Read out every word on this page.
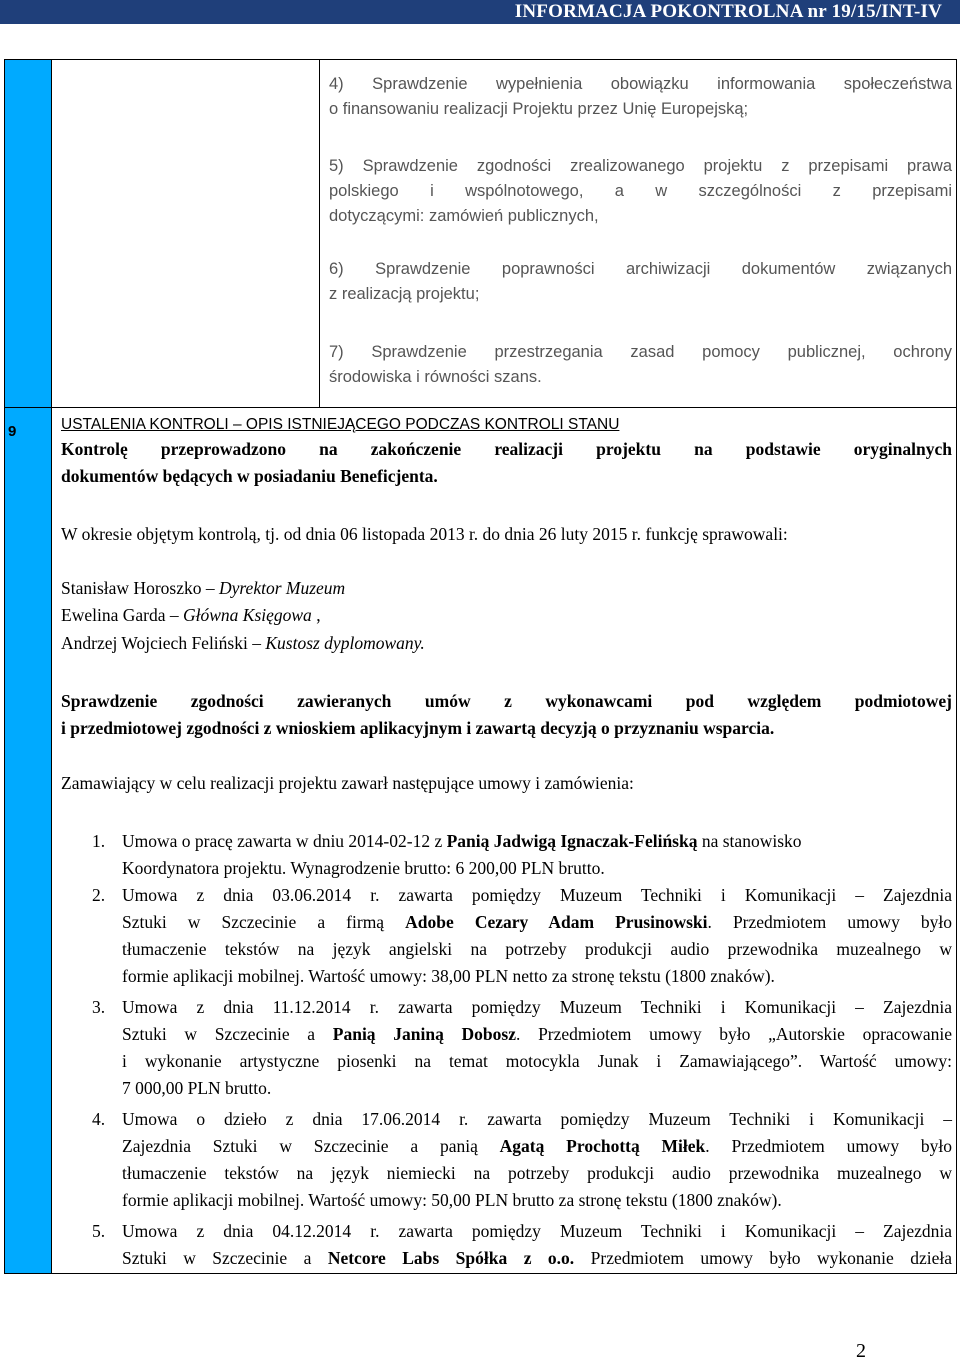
INFORMACJA POKONTROLNA nr 19/15/INT-IV
9
4) Sprawdzenie wypełnienia obowiązku informowania społeczeństwa
o finansowaniu realizacji Projektu przez Unię Europejską;
5) Sprawdzenie zgodności zrealizowanego projektu z przepisami prawa
polskiego i wspólnotowego, a w szczególności z przepisami
dotyczącymi: zamówień publicznych,
6) Sprawdzenie poprawności archiwizacji dokumentów związanych
z realizacją projektu;
7) Sprawdzenie przestrzegania zasad pomocy publicznej, ochrony
środowiska i równości szans.
USTALENIA KONTROLI – OPIS ISTNIEJĄCEGO PODCZAS KONTROLI STANU
Kontrolę przeprowadzono na zakończenie realizacji projektu na podstawie oryginalnych
dokumentów będących w posiadaniu Beneficjenta.
W okresie objętym kontrolą, tj. od dnia 06 listopada 2013 r. do dnia 26 luty 2015 r. funkcję sprawowali:
Stanisław Horoszko – Dyrektor Muzeum
Ewelina Garda – Główna Księgowa ,
Andrzej Wojciech Feliński – Kustosz dyplomowany.
Sprawdzenie zgodności zawieranych umów z wykonawcami pod względem podmiotowej
i przedmiotowej zgodności z wnioskiem aplikacyjnym i zawartą decyzją o przyznaniu wsparcia.
Zamawiający w celu realizacji projektu zawarł następujące umowy i zamówienia:
1. Umowa o pracę zawarta w dniu 2014-02-12 z Panią Jadwigą Ignaczak-Felińską na stanowisko
Koordynatora projektu. Wynagrodzenie brutto: 6 200,00 PLN brutto.
2. Umowa z dnia 03.06.2014 r. zawarta pomiędzy Muzeum Techniki i Komunikacji – Zajezdnia
Sztuki w Szczecinie a firmą Adobe Cezary Adam Prusinowski. Przedmiotem umowy było
tłumaczenie tekstów na język angielski na potrzeby produkcji audio przewodnika muzealnego w
formie aplikacji mobilnej. Wartość umowy: 38,00 PLN netto za stronę tekstu (1800 znaków).
3. Umowa z dnia 11.12.2014 r. zawarta pomiędzy Muzeum Techniki i Komunikacji – Zajezdnia
Sztuki w Szczecinie a Panią Janiną Dobosz. Przedmiotem umowy było „Autorskie opracowanie
i wykonanie artystyczne piosenki na temat motocykla Junak i Zamawiającego”. Wartość umowy:
7 000,00 PLN brutto.
4. Umowa o dzieło z dnia 17.06.2014 r. zawarta pomiędzy Muzeum Techniki i Komunikacji –
Zajezdnia Sztuki w Szczecinie a panią Agatą Prochottą Miłek. Przedmiotem umowy było
tłumaczenie tekstów na język niemiecki na potrzeby produkcji audio przewodnika muzealnego w
formie aplikacji mobilnej. Wartość umowy: 50,00 PLN brutto za stronę tekstu (1800 znaków).
5. Umowa z dnia 04.12.2014 r. zawarta pomiędzy Muzeum Techniki i Komunikacji – Zajezdnia
Sztuki w Szczecinie a Netcore Labs Spółka z o.o. Przedmiotem umowy było wykonanie dzieła
2
